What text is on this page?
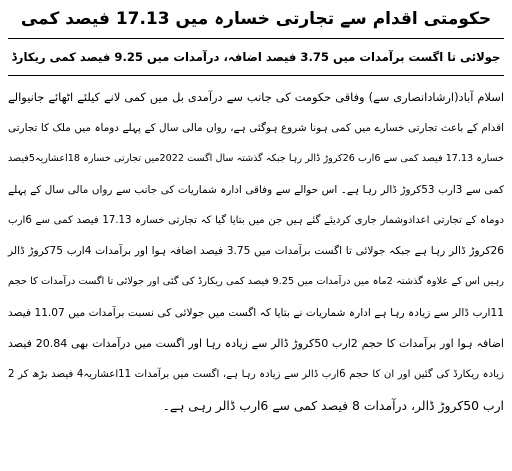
حکومتی اقدام سے تجارتی خسارہ میں 17.13 فیصد کمی
جولائی تا اگست برآمدات میں 3.75 فیصد اضافہ، درآمدات میں 9.25 فیصد کمی ریکارڈ

اسلام آباد(ارشادانصاری سے) وفاقی حکومت کی جانب سے درآمدی بل میں کمی لانے کیلئے اٹھائے جانیوالے

اقدام کے باعث تجارتی خسارے میں کمی ہونا شروع ہوگئی ہے، رواں مالی سال کے پہلے دوماہ میں ملک کا تجارتی

خسارہ 17.13 فیصد کمی سے 6ارب 26کروڑ ڈالر رہا جبکہ گذشتہ سال اگست 2022میں تجارتی خسارہ 18اعشاریہ5فیصد

کمی سے 3ارب 53کروڑ ڈالر رہا ہے۔ اس حوالے سے وفاقی ادارہ شماریات کی جانب سے رواں مالی سال کے پہلے

دوماہ کے تجارتی اعدادوشمار جاری کردیئے گئے ہیں جن میں بتایا گیا کہ تجارتی خسارہ 17.13 فیصد کمی سے 6ارب

26کروڑ ڈالر رہا ہے جبکہ جولائی تا اگست برآمدات میں 3.75 فیصد اضافہ ہوا اور برآمدات 4ارب 75کروڑ ڈالر

رہیں اس کے علاوہ گذشتہ 2ماہ میں درآمدات میں 9.25 فیصد کمی ریکارڈ کی گئی اور جولائی تا اگست درآمدات کا حجم

11ارب ڈالر سے زیادہ رہا ہے ادارہ شماریات نے بتایا کہ اگست میں جولائی کی نسبت برآمدات میں 11.07 فیصد

اضافہ ہوا اور برآمدات کا حجم 2ارب 50کروڑ ڈالر سے زیادہ رہا اور اگست میں درآمدات بھی 20.84 فیصد

زیادہ ریکارڈ کی گئیں اور ان کا حجم 6ارب ڈالر سے زیادہ رہا ہے، اگست میں برآمدات 11اعشاریہ4 فیصد بڑھ کر 2

ارب 50کروڑ ڈالر، درآمدات 8 فیصد کمی سے 6ارب ڈالر رہی ہے۔
